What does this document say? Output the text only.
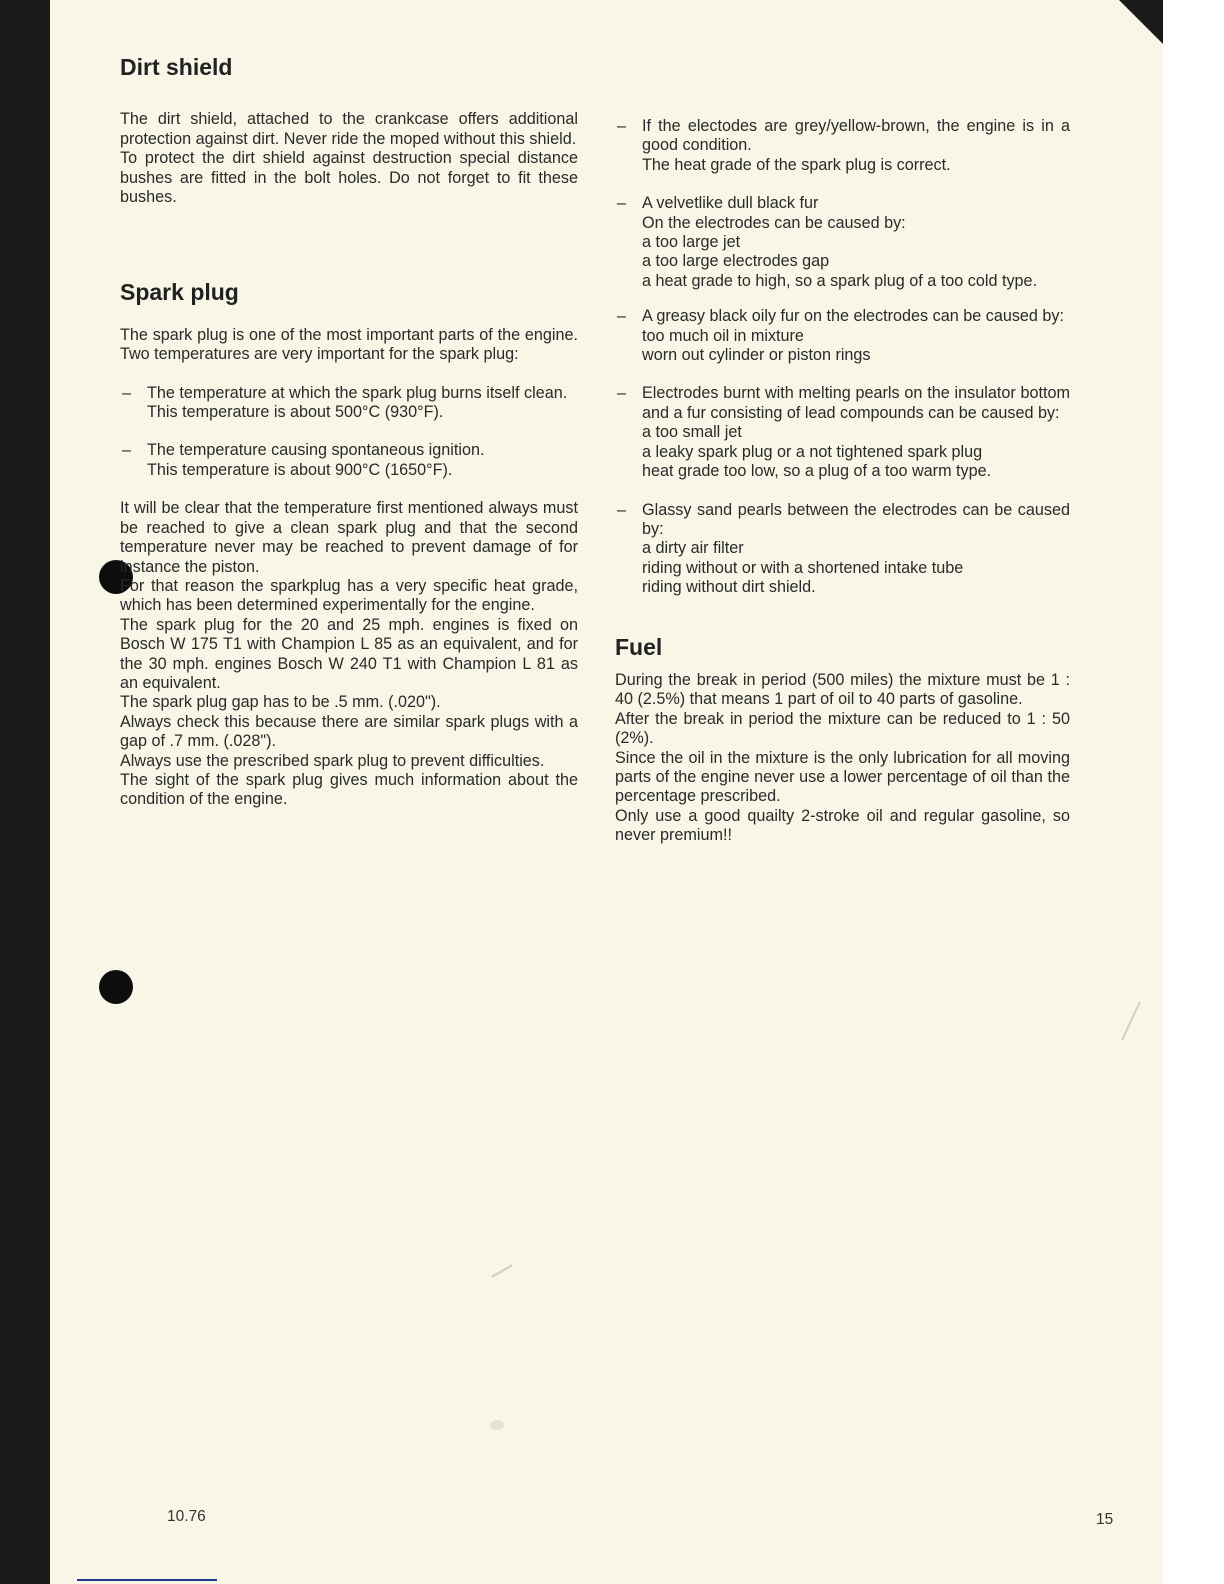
Dirt shield

The dirt shield, attached to the crankcase offers additional protection against dirt. Never ride the moped without this shield.

To protect the dirt shield against destruction special distance bushes are fitted in the bolt holes. Do not forget to fit these bushes.

Spark plug

The spark plug is one of the most important parts of the engine. Two temperatures are very important for the spark plug:

– The temperature at which the spark plug burns itself clean.

This temperature is about 500°C (930°F).

– The temperature causing spontaneous ignition.

This temperature is about 900°C (1650°F).

It will be clear that the temperature first mentioned always must be reached to give a clean spark plug and that the second temperature never may be reached to prevent damage of for instance the piston.

For that reason the sparkplug has a very specific heat grade, which has been determined experimentally for the engine.

The spark plug for the 20 and 25 mph. engines is fixed on Bosch W 175 T1 with Champion L 85 as an equivalent, and for the 30 mph. engines Bosch W 240 T1 with Champion L 81 as an equivalent.

The spark plug gap has to be .5 mm. (.020").

Always check this because there are similar spark plugs with a gap of .7 mm. (.028").

Always use the prescribed spark plug to prevent difficulties.

The sight of the spark plug gives much information about the condition of the engine.

– If the electodes are grey/yellow-brown, the engine is in a good condition.

The heat grade of the spark plug is correct.

– A velvetlike dull black fur

On the electrodes can be caused by:

a too large jet

a too large electrodes gap

a heat grade to high, so a spark plug of a too cold type.

– A greasy black oily fur on the electrodes can be caused by:

too much oil in mixture

worn out cylinder or piston rings

– Electrodes burnt with melting pearls on the insulator bottom and a fur consisting of lead compounds can be caused by:

a too small jet

a leaky spark plug or a not tightened spark plug

heat grade too low, so a plug of a too warm type.

– Glassy sand pearls between the electrodes can be caused by:

a dirty air filter

riding without or with a shortened intake tube

riding without dirt shield.

Fuel

During the break in period (500 miles) the mixture must be 1 : 40 (2.5%) that means 1 part of oil to 40 parts of gasoline.

After the break in period the mixture can be reduced to 1 : 50 (2%).

Since the oil in the mixture is the only lubrication for all moving parts of the engine never use a lower percentage of oil than the percentage prescribed.

Only use a good quailty 2-stroke oil and regular gasoline, so never premium!!

10.76	15
